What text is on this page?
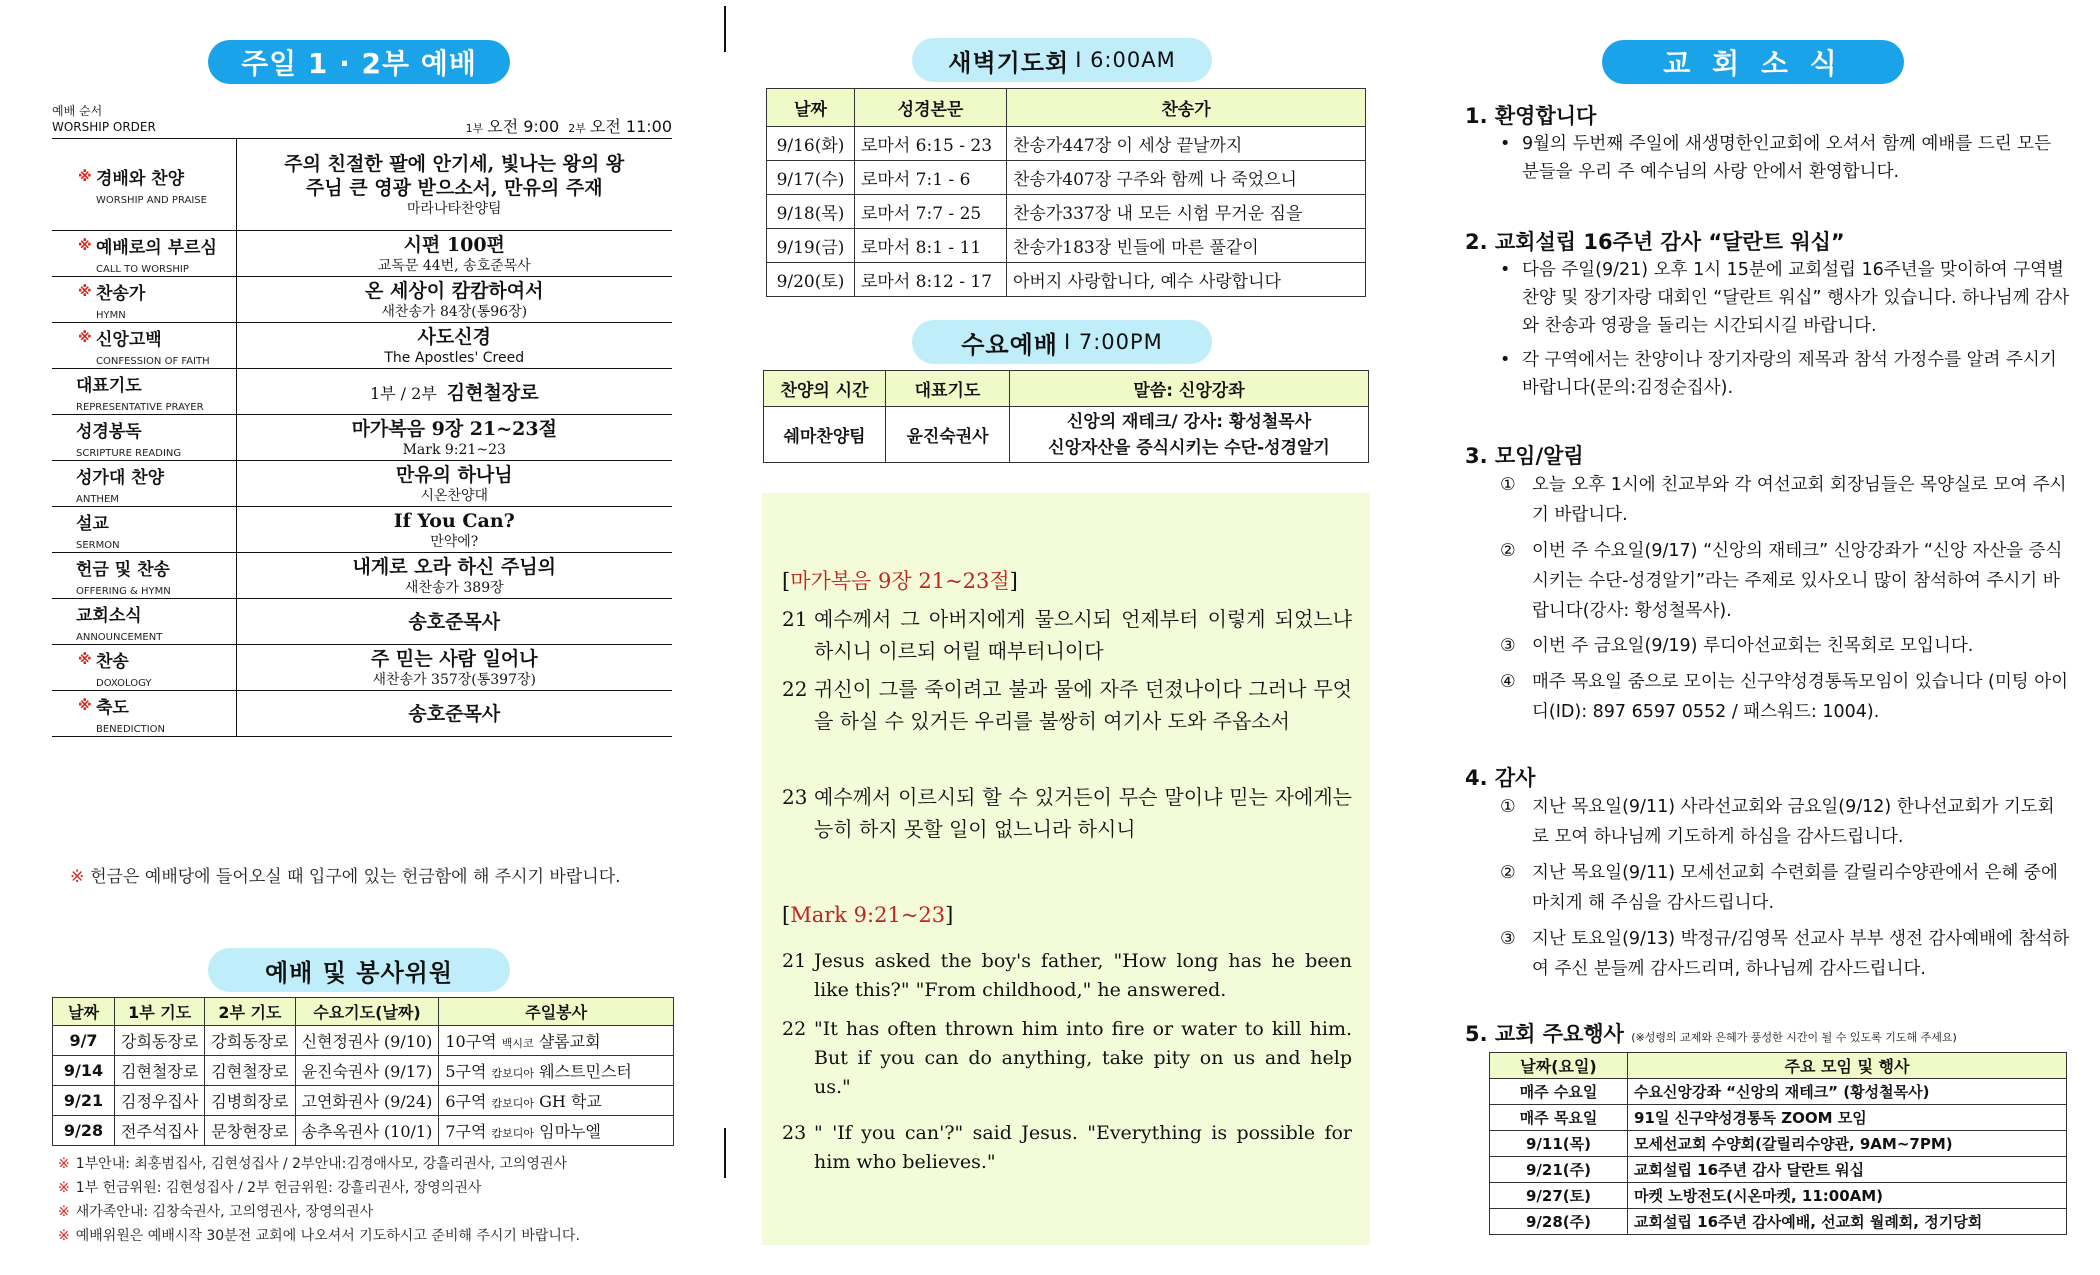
주일 1 · 2부 예배
예배 순서
WORSHIP ORDER	1부 오전 9:00 2부 오전 11:00
※ 경배와 찬양
WORSHIP AND PRAISE	주의 친절한 팔에 안기세, 빛나는 왕의 왕
주님 큰 영광 받으소서, 만유의 주재
마라나타찬양팀

※ 예배로의 부르심
CALL TO WORSHIP	시편 100편
교독문 44번, 송호준목사

※ 찬송가
HYMN	온 세상이 캄캄하여서
새찬송가 84장(통96장)

※ 신앙고백
CONFESSION OF FAITH	사도신경
The Apostles' Creed

대표기도
REPRESENTATIVE PRAYER	1부 / 2부 김현철장로

성경봉독
SCRIPTURE READING	마가복음 9장 21~23절
Mark 9:21~23

성가대 찬양
ANTHEM	만유의 하나님
시온찬양대

설교
SERMON	If You Can?
만약에?

헌금 및 찬송
OFFERING & HYMN	내게로 오라 하신 주님의
새찬송가 389장

교회소식
ANNOUNCEMENT	송호준목사

※ 찬송
DOXOLOGY	주 믿는 사람 일어나
새찬송가 357장(통397장)

※ 축도
BENEDICTION	송호준목사
※ 헌금은 예배당에 들어오실 때 입구에 있는 헌금함에 해 주시기 바랍니다.
예배 및 봉사위원
날짜	1부 기도	2부 기도	수요기도(날짜)	주일봉사
9/7	강희동장로	강희동장로	신현정권사 (9/10)	10구역 백시코 샬롬교회
9/14	김현철장로	김현철장로	윤진숙권사 (9/17)	5구역 캄보디아 웨스트민스터
9/21	김정우집사	김병희장로	고연화권사 (9/24)	6구역 캄보디아 GH 학교
9/28	전주석집사	문창현장로	송추옥권사 (10/1)	7구역 캄보디아 임마누엘
※ 1부안내: 최홍범집사, 김현성집사 / 2부안내:김경애사모, 강흘리권사, 고의영권사
※ 1부 헌금위원: 김현성집사 / 2부 헌금위원: 강흘리권사, 장영의권사
※ 새가족안내: 김창숙권사, 고의영권사, 장영의권사
※ 예배위원은 예배시작 30분전 교회에 나오셔서 기도하시고 준비해 주시기 바랍니다.
새벽기도회 I 6:00AM
날짜	성경본문	찬송가
9/16(화)	로마서 6:15 - 23	찬송가447장 이 세상 끝날까지
9/17(수)	로마서 7:1 - 6	찬송가407장 구주와 함께 나 죽었으니
9/18(목)	로마서 7:7 - 25	찬송가337장 내 모든 시험 무거운 짐을
9/19(금)	로마서 8:1 - 11	찬송가183장 빈들에 마른 풀같이
9/20(토)	로마서 8:12 - 17	아버지 사랑합니다, 예수 사랑합니다
수요예배 I 7:00PM
찬양의 시간	대표기도	말씀: 신앙강좌
쉐마찬양팀	윤진숙권사	신앙의 재테크/ 강사: 황성철목사
신앙자산을 증식시키는 수단-성경알기
[마가복음 9장 21~23절]
21 예수께서 그 아버지에게 물으시되 언제부터 이렇게 되었느냐 하시니 이르되 어릴 때부터니이다
22 귀신이 그를 죽이려고 불과 물에 자주 던졌나이다 그러나 무엇을 하실 수 있거든 우리를 불쌍히 여기사 도와 주옵소서
23 예수께서 이르시되 할 수 있거든이 무슨 말이냐 믿는 자에게는 능히 하지 못할 일이 없느니라 하시니
[Mark 9:21~23]
21 Jesus asked the boy's father, "How long has he been like this?" "From childhood," he answered.
22 "It has often thrown him into fire or water to kill him. But if you can do anything, take pity on us and help us."
23 " 'If you can'?" said Jesus. "Everything is possible for him who believes."
교 회 소 식
1. 환영합니다
• 9월의 두번째 주일에 새생명한인교회에 오셔서 함께 예배를 드린 모든 분들을 우리 주 예수님의 사랑 안에서 환영합니다.
2. 교회설립 16주년 감사 “달란트 워십”
• 다음 주일(9/21) 오후 1시 15분에 교회설립 16주년을 맞이하여 구역별 찬양 및 장기자랑 대회인 “달란트 워십” 행사가 있습니다. 하나님께 감사와 찬송과 영광을 돌리는 시간되시길 바랍니다.
• 각 구역에서는 찬양이나 장기자랑의 제목과 참석 가정수를 알려 주시기 바랍니다(문의:김정순집사).
3. 모임/알림
① 오늘 오후 1시에 친교부와 각 여선교회 회장님들은 목양실로 모여 주시기 바랍니다.
② 이번 주 수요일(9/17) “신앙의 재테크” 신앙강좌가 “신앙 자산을 증식시키는 수단-성경알기”라는 주제로 있사오니 많이 참석하여 주시기 바랍니다(강사: 황성철목사).
③ 이번 주 금요일(9/19) 루디아선교회는 친목회로 모입니다.
④ 매주 목요일 줌으로 모이는 신구약성경통독모임이 있습니다 (미팅 아이디(ID): 897 6597 0552 / 패스워드: 1004).
4. 감사
① 지난 목요일(9/11) 사라선교회와 금요일(9/12) 한나선교회가 기도회로 모여 하나님께 기도하게 하심을 감사드립니다.
② 지난 목요일(9/11) 모세선교회 수련회를 갈릴리수양관에서 은혜 중에 마치게 해 주심을 감사드립니다.
③ 지난 토요일(9/13) 박정규/김영목 선교사 부부 생전 감사예배에 참석하여 주신 분들께 감사드리며, 하나님께 감사드립니다.
5. 교회 주요행사 (※성령의 교제와 은혜가 풍성한 시간이 될 수 있도록 기도해 주세요)
날짜(요일)	주요 모임 및 행사
매주 수요일	수요신앙강좌 “신앙의 재테크” (황성철목사)
매주 목요일	91일 신구약성경통독 ZOOM 모임
9/11(목)	모세선교회 수양회(갈릴리수양관, 9AM~7PM)
9/21(주)	교회설립 16주년 감사 달란트 워십
9/27(토)	마켓 노방전도(시온마켓, 11:00AM)
9/28(주)	교회설립 16주년 감사예배, 선교회 월례회, 정기당회
